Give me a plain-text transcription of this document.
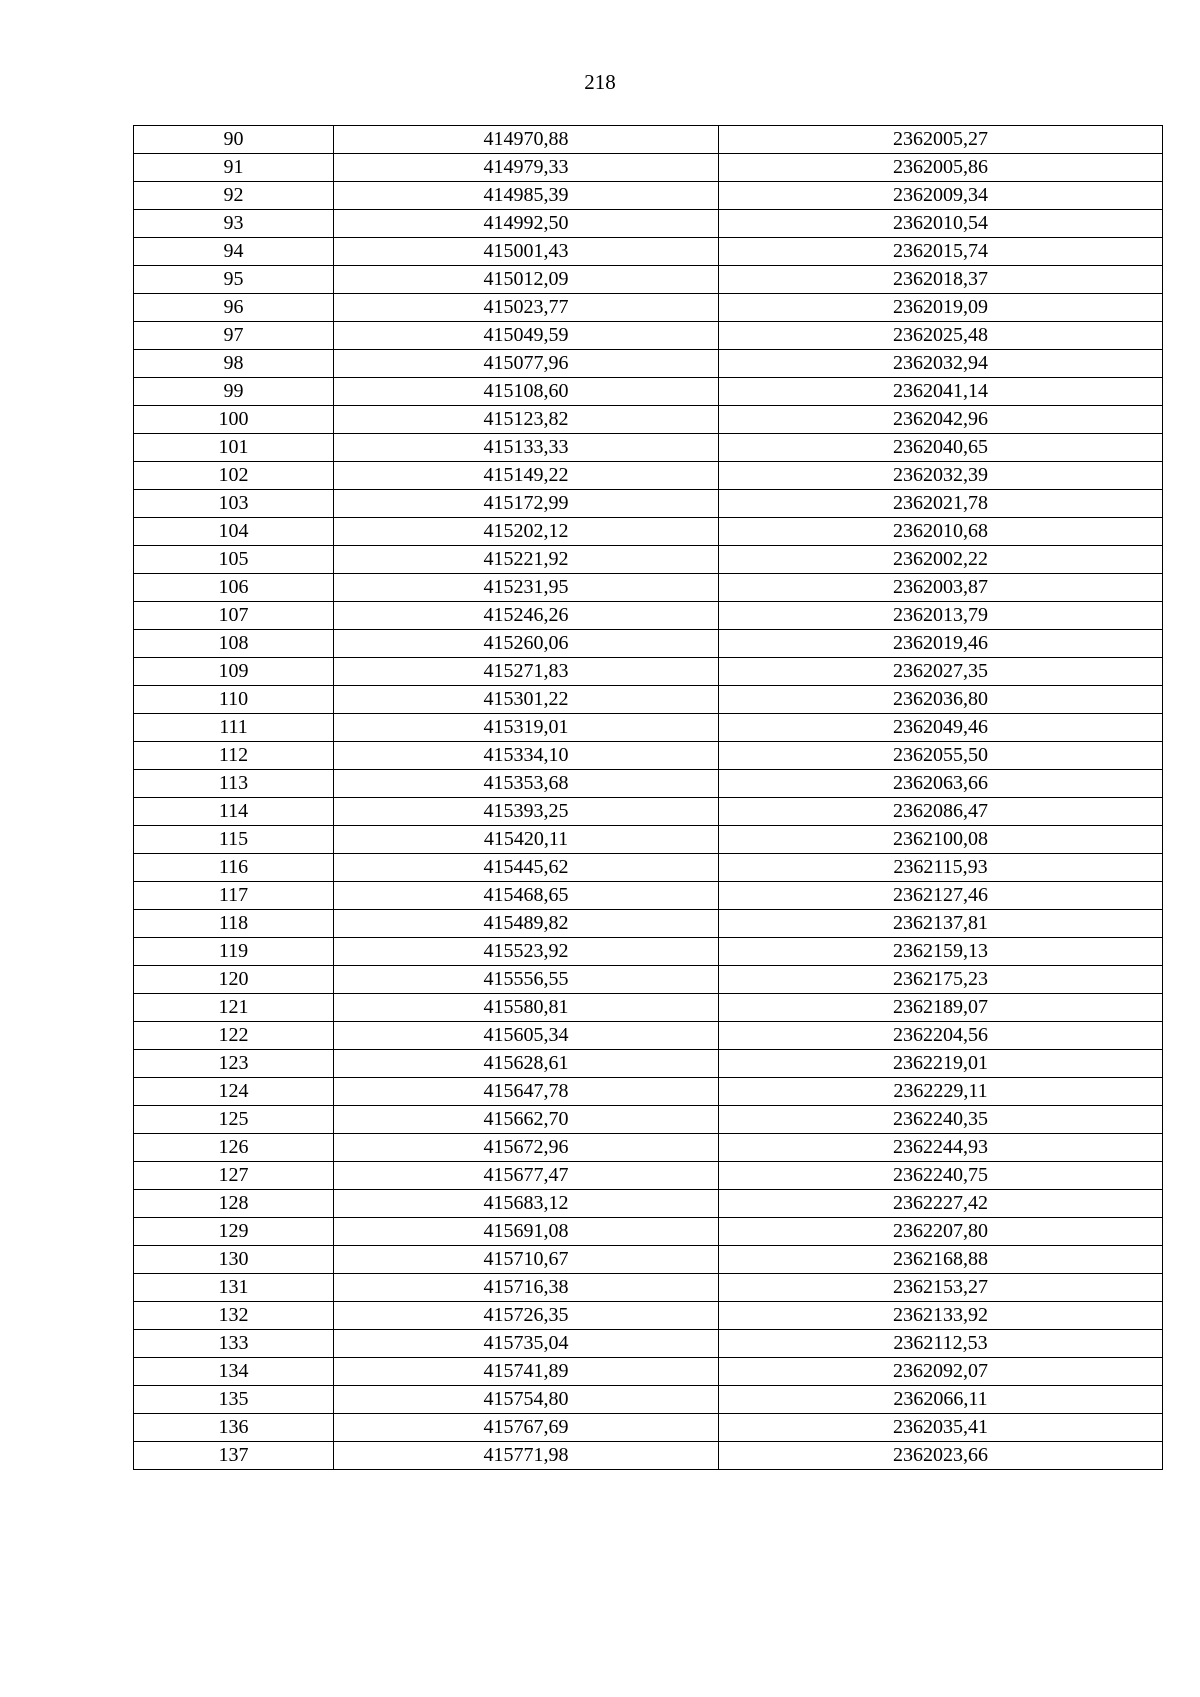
218
90	414970,88	2362005,27
91	414979,33	2362005,86
92	414985,39	2362009,34
93	414992,50	2362010,54
94	415001,43	2362015,74
95	415012,09	2362018,37
96	415023,77	2362019,09
97	415049,59	2362025,48
98	415077,96	2362032,94
99	415108,60	2362041,14
100	415123,82	2362042,96
101	415133,33	2362040,65
102	415149,22	2362032,39
103	415172,99	2362021,78
104	415202,12	2362010,68
105	415221,92	2362002,22
106	415231,95	2362003,87
107	415246,26	2362013,79
108	415260,06	2362019,46
109	415271,83	2362027,35
110	415301,22	2362036,80
111	415319,01	2362049,46
112	415334,10	2362055,50
113	415353,68	2362063,66
114	415393,25	2362086,47
115	415420,11	2362100,08
116	415445,62	2362115,93
117	415468,65	2362127,46
118	415489,82	2362137,81
119	415523,92	2362159,13
120	415556,55	2362175,23
121	415580,81	2362189,07
122	415605,34	2362204,56
123	415628,61	2362219,01
124	415647,78	2362229,11
125	415662,70	2362240,35
126	415672,96	2362244,93
127	415677,47	2362240,75
128	415683,12	2362227,42
129	415691,08	2362207,80
130	415710,67	2362168,88
131	415716,38	2362153,27
132	415726,35	2362133,92
133	415735,04	2362112,53
134	415741,89	2362092,07
135	415754,80	2362066,11
136	415767,69	2362035,41
137	415771,98	2362023,66
